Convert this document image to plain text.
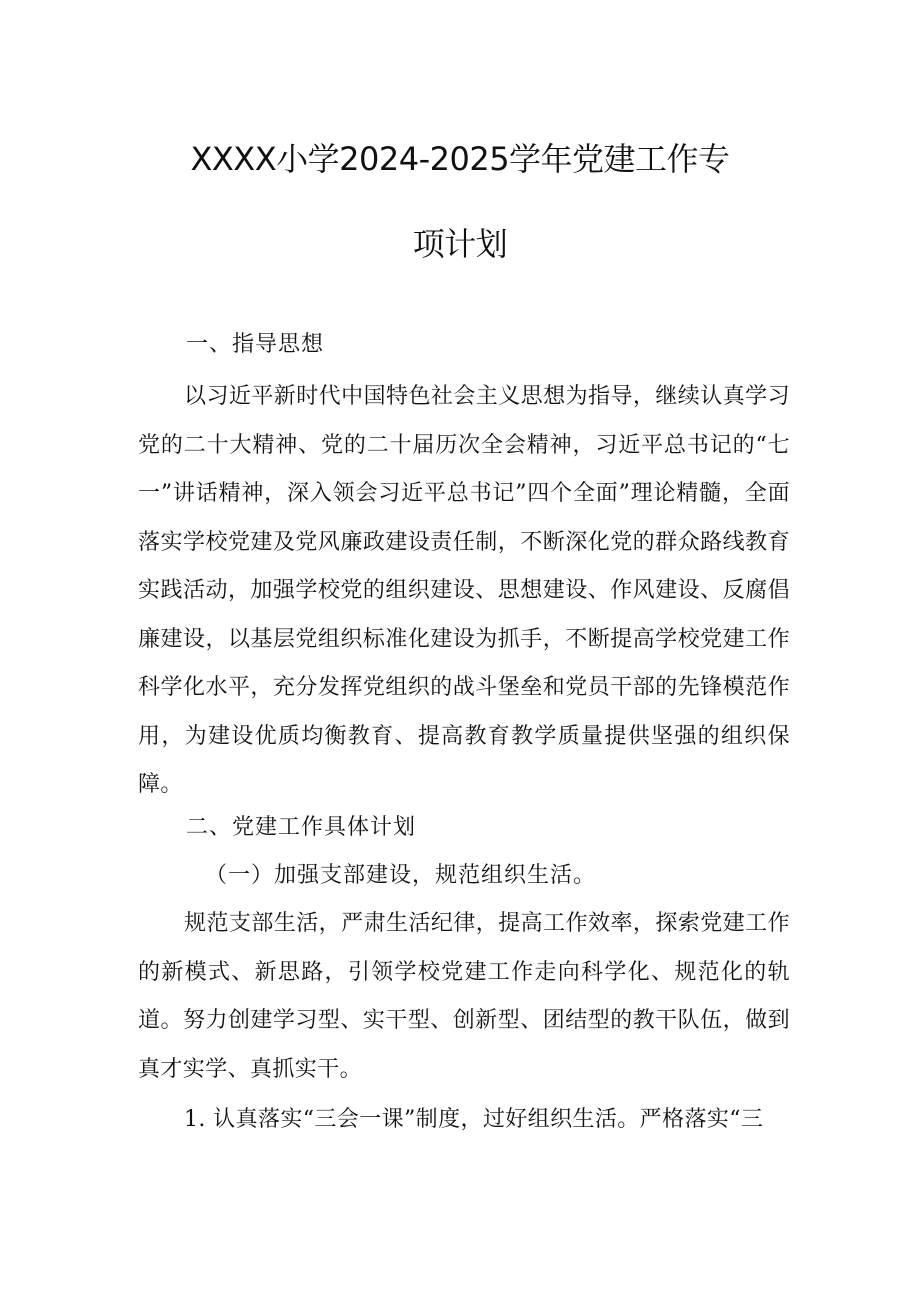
XXXX小学2024-2025学年党建工作专
项计划
一、指导思想
以习近平新时代中国特色社会主义思想为指导，继续认真学习党的二十大精神、党的二十届历次全会精神，习近平总书记的“七一”讲话精神，深入领会习近平总书记”四个全面”理论精髓，全面落实学校党建及党风廉政建设责任制，不断深化党的群众路线教育实践活动，加强学校党的组织建设、思想建设、作风建设、反腐倡廉建设，以基层党组织标准化建设为抓手，不断提高学校党建工作科学化水平，充分发挥党组织的战斗堡垒和党员干部的先锋模范作用，为建设优质均衡教育、提高教育教学质量提供坚强的组织保障。
二、党建工作具体计划
（一）加强支部建设，规范组织生活。
规范支部生活，严肃生活纪律，提高工作效率，探索党建工作的新模式、新思路，引领学校党建工作走向科学化、规范化的轨道。努力创建学习型、实干型、创新型、团结型的教干队伍，做到真才实学、真抓实干。
1. 认真落实“三会一课”制度，过好组织生活。严格落实“三
